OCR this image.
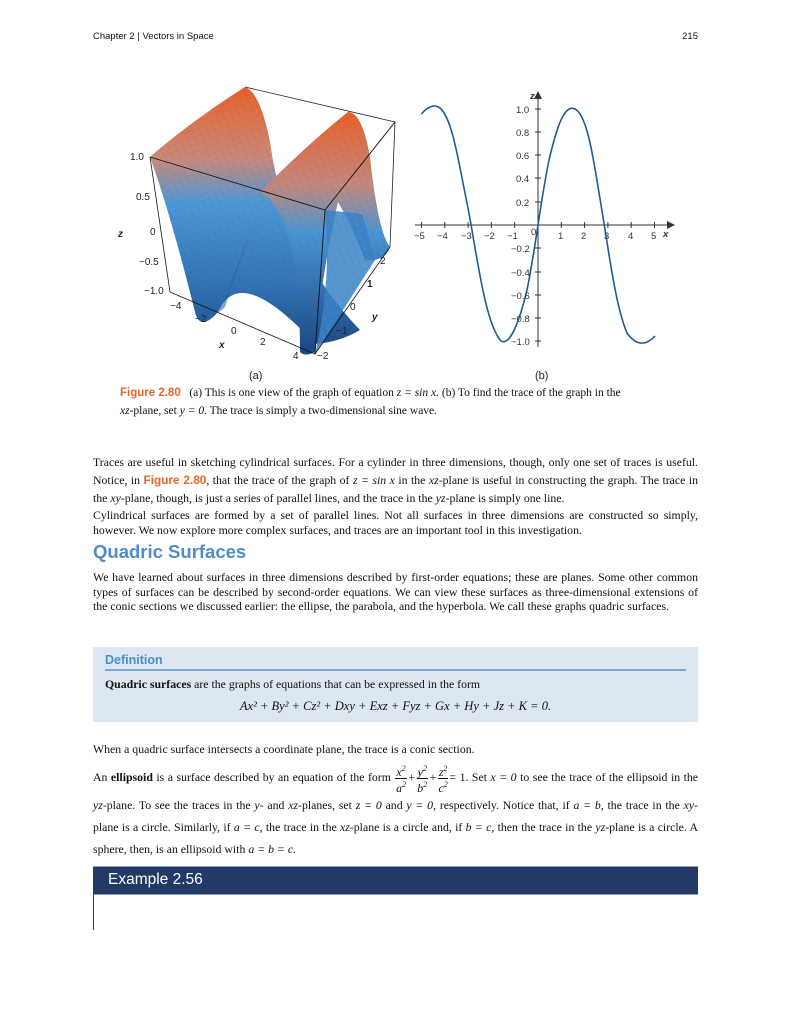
Chapter 2 | Vectors in Space	215
1.0
0.5
0
−0.5
−1.0
z
−4
−2
0
2
4
x
2
1
0
−1
−2
y
−5 −4 −3 −2 −1 0 1 2 3 4 5 x
z
1.0
0.8
0.6
0.4
0.2
−0.2
−0.4
−0.6
−0.8
−1.0
(a)	(b)
Figure 2.80 (a) This is one view of the graph of equation z = sin x. (b) To find the trace of the graph in the
xz-plane, set y = 0. The trace is simply a two-dimensional sine wave.
Traces are useful in sketching cylindrical surfaces. For a cylinder in three dimensions, though, only one set of traces is useful. Notice, in Figure 2.80, that the trace of the graph of z = sin x in the xz-plane is useful in constructing the graph. The trace in the xy-plane, though, is just a series of parallel lines, and the trace in the yz-plane is simply one line.
Cylindrical surfaces are formed by a set of parallel lines. Not all surfaces in three dimensions are constructed so simply, however. We now explore more complex surfaces, and traces are an important tool in this investigation.
Quadric Surfaces
We have learned about surfaces in three dimensions described by first-order equations; these are planes. Some other common types of surfaces can be described by second-order equations. We can view these surfaces as three-dimensional extensions of the conic sections we discussed earlier: the ellipse, the parabola, and the hyperbola. We call these graphs quadric surfaces.
Definition
Quadric surfaces are the graphs of equations that can be expressed in the form
Ax² + By² + Cz² + Dxy + Exz + Fyz + Gx + Hy + Jz + K = 0.
When a quadric surface intersects a coordinate plane, the trace is a conic section.
An ellipsoid is a surface described by an equation of the form $\frac{x^2}{a^2} + \frac{y^2}{b^2} + \frac{z^2}{c^2} = 1$. Set x = 0 to see the trace of the ellipsoid in the yz-plane. To see the traces in the y- and xz-planes, set z = 0 and y = 0, respectively. Notice that, if a = b, the trace in the xy-plane is a circle. Similarly, if a = c, the trace in the xz-plane is a circle and, if b = c, then the trace in the yz-plane is a circle. A sphere, then, is an ellipsoid with a = b = c.
Example 2.56
